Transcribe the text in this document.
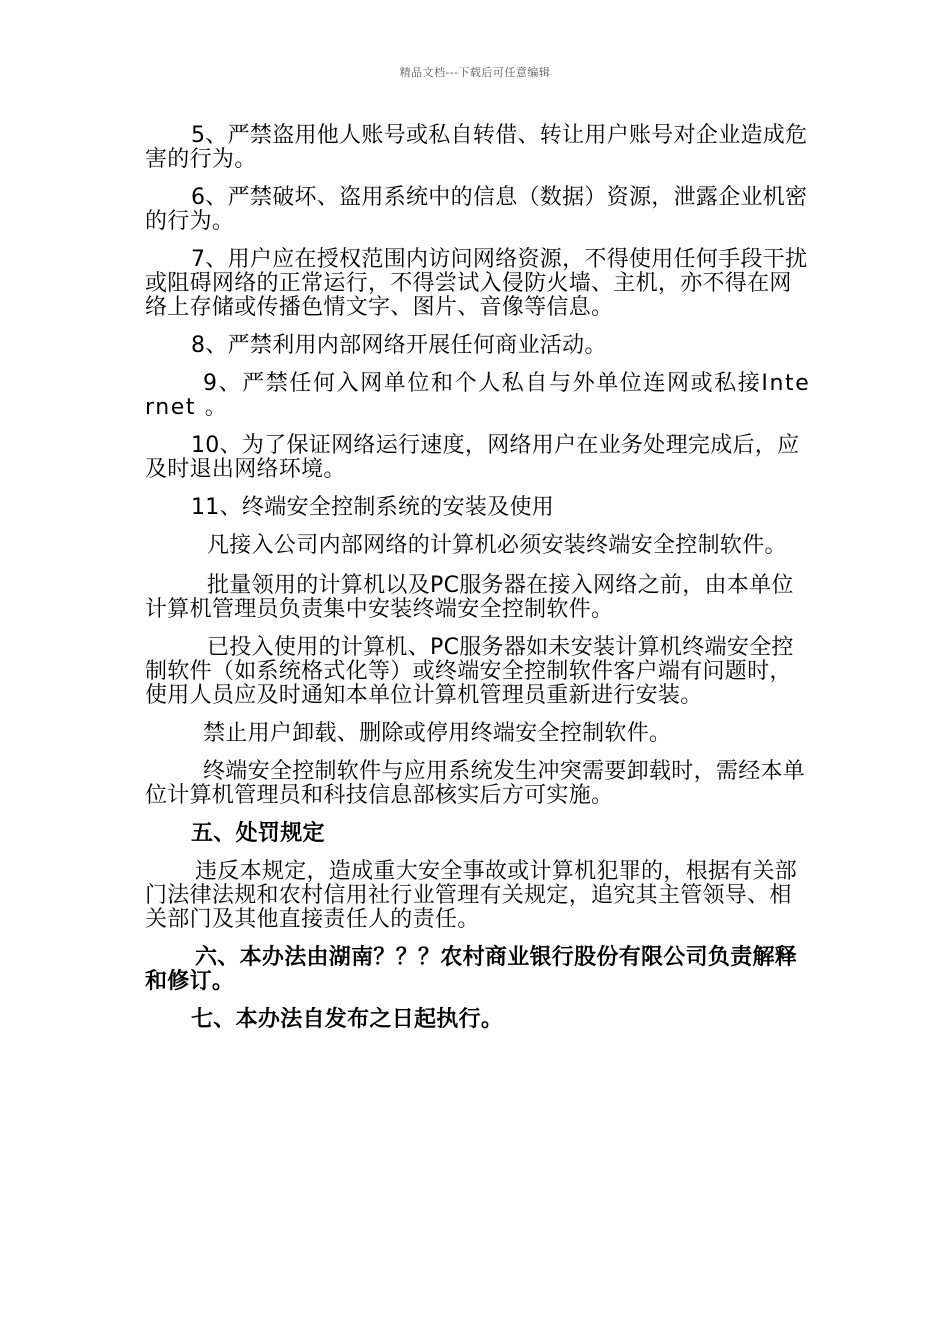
精品文档---下载后可任意编辑

5、严禁盗用他人账号或私自转借、转让用户账号对企业造成危害的行为。

6、严禁破坏、盗用系统中的信息（数据）资源，泄露企业机密的行为。

7、用户应在授权范围内访问网络资源，不得使用任何手段干扰或阻碍网络的正常运行，不得尝试入侵防火墙、主机，亦不得在网络上存储或传播色情文字、图片、音像等信息。

8、严禁利用内部网络开展任何商业活动。

9、严禁任何入网单位和个人私自与外单位连网或私接Internet 。

10、为了保证网络运行速度，网络用户在业务处理完成后，应及时退出网络环境。

11、终端安全控制系统的安装及使用

凡接入公司内部网络的计算机必须安装终端安全控制软件。

批量领用的计算机以及PC服务器在接入网络之前，由本单位计算机管理员负责集中安装终端安全控制软件。

已投入使用的计算机、PC服务器如未安装计算机终端安全控制软件（如系统格式化等）或终端安全控制软件客户端有问题时，使用人员应及时通知本单位计算机管理员重新进行安装。

禁止用户卸载、删除或停用终端安全控制软件。

终端安全控制软件与应用系统发生冲突需要卸载时，需经本单位计算机管理员和科技信息部核实后方可实施。

五、处罚规定

违反本规定，造成重大安全事故或计算机犯罪的，根据有关部门法律法规和农村信用社行业管理有关规定，追究其主管领导、相关部门及其他直接责任人的责任。

六、本办法由湖南？？？农村商业银行股份有限公司负责解释和修订。

七、本办法自发布之日起执行。
